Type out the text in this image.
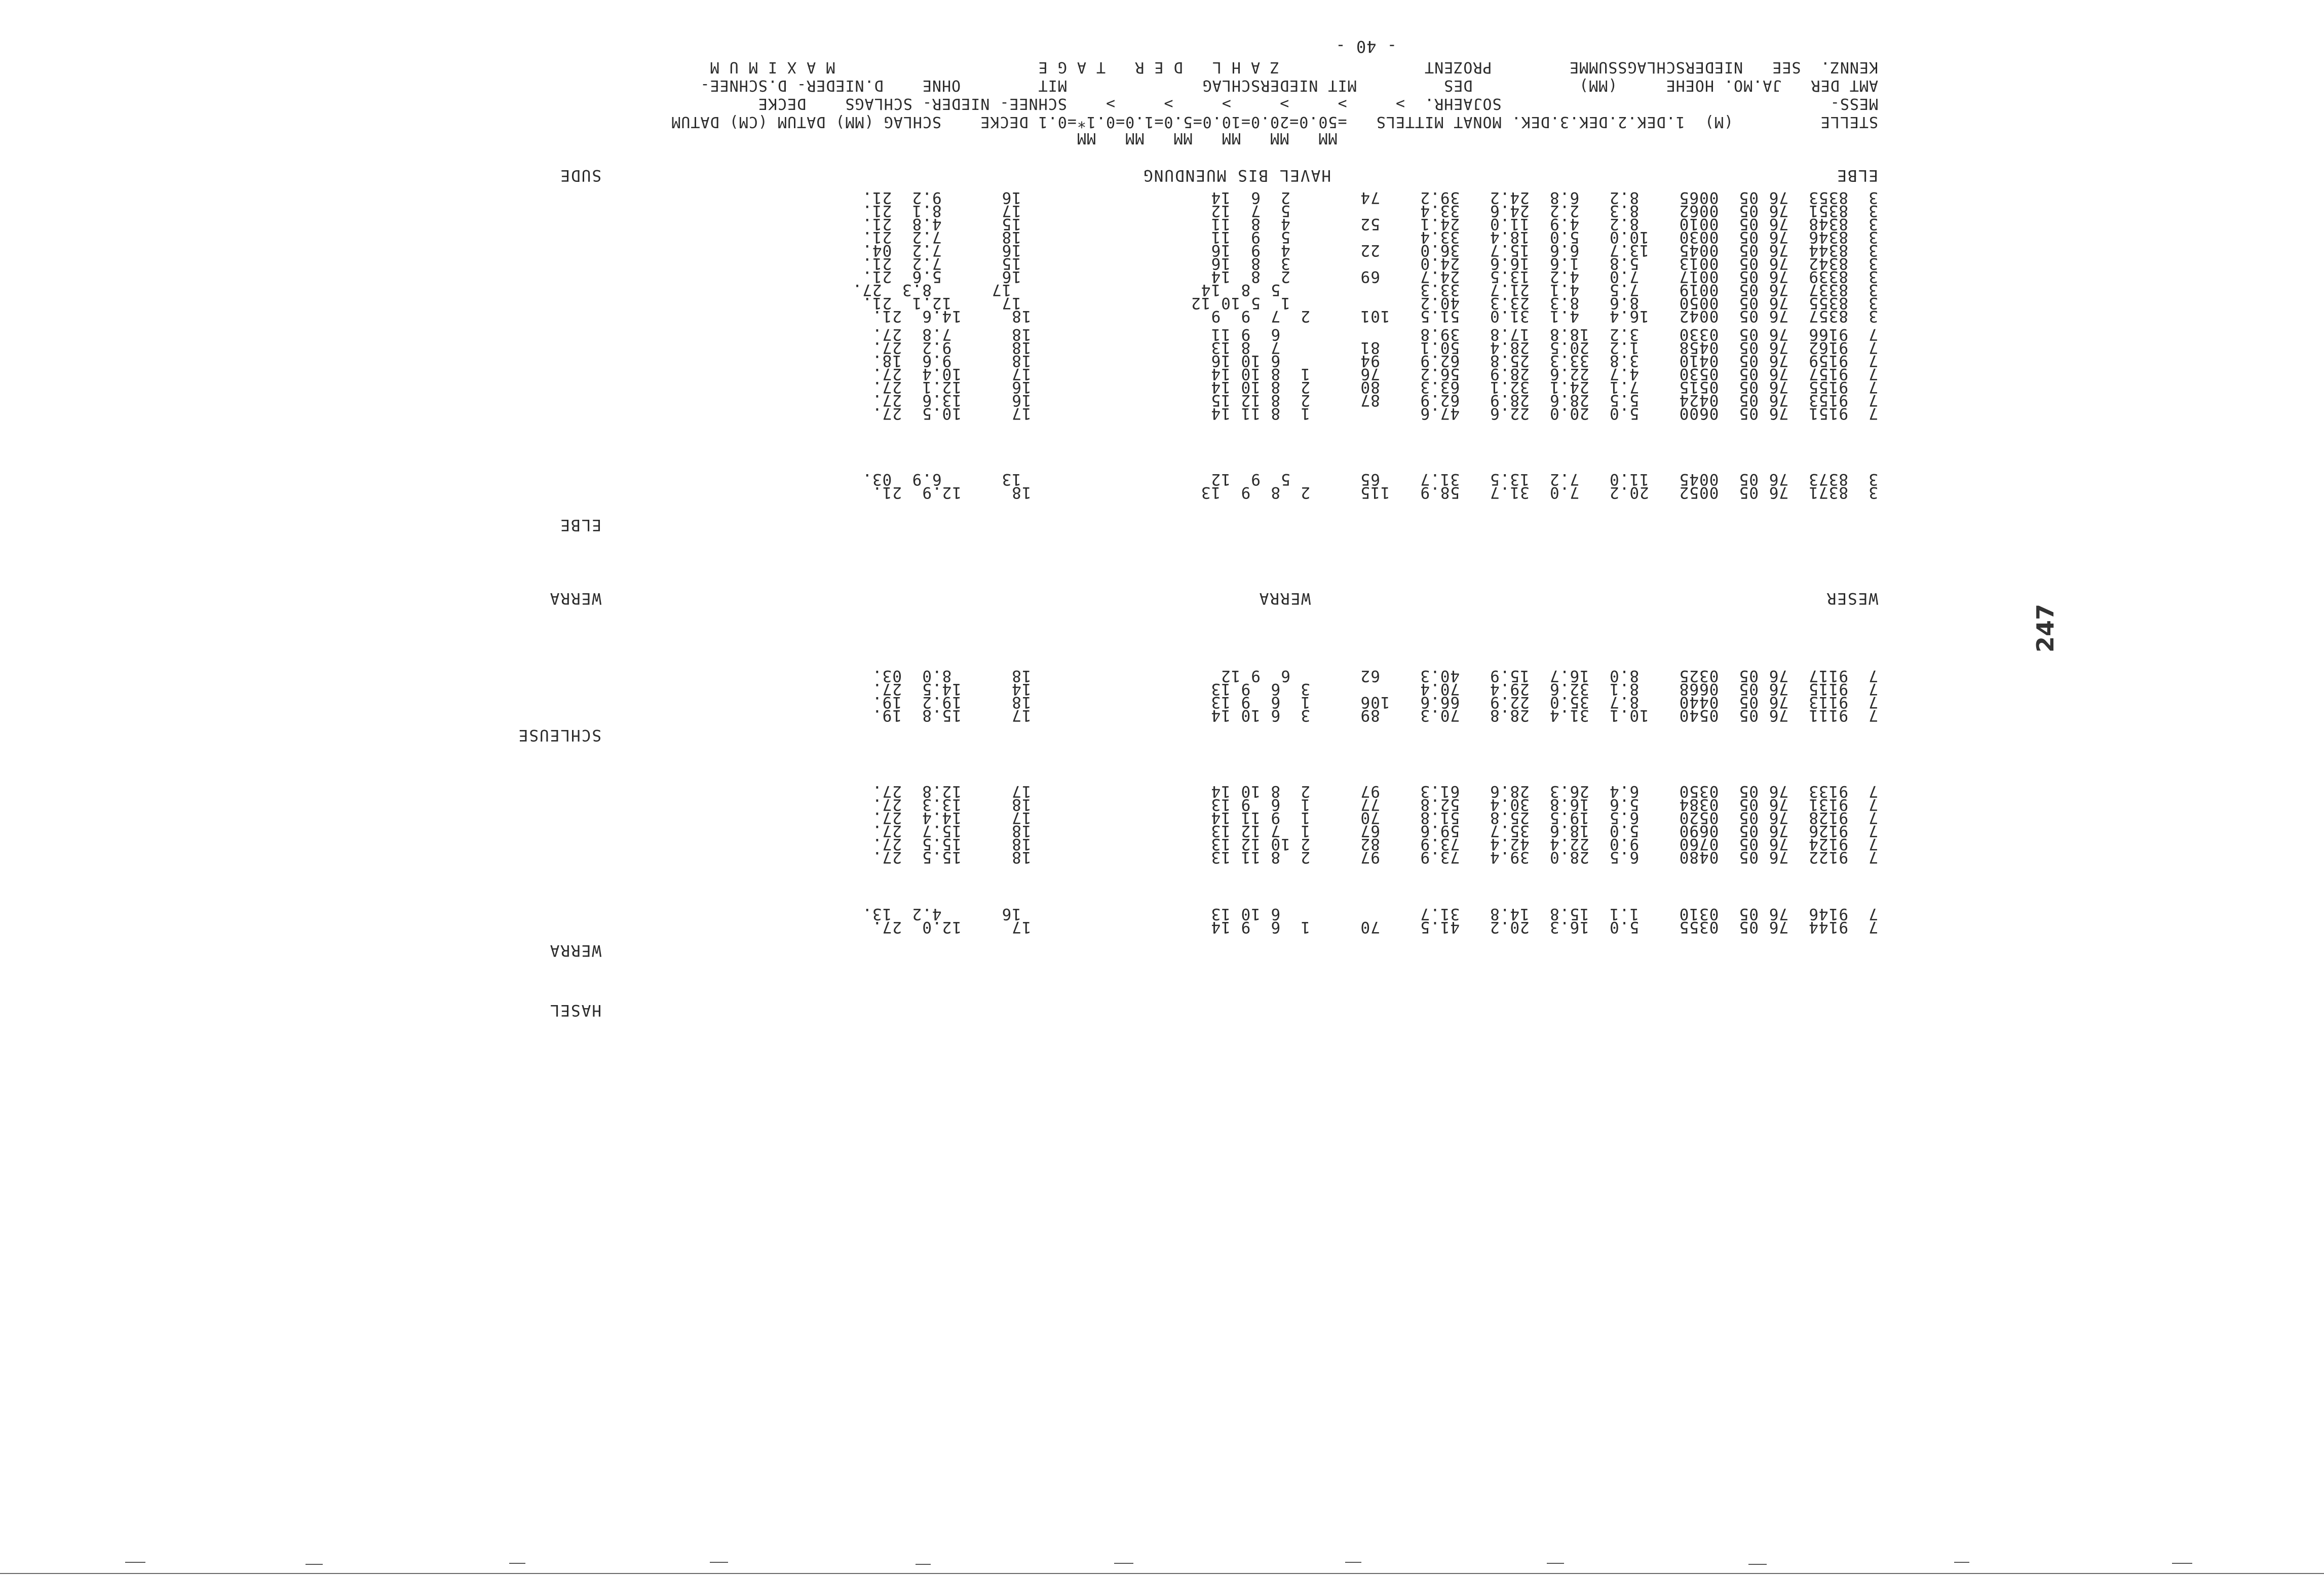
- 40 -
KENNZ.  SEE   NIEDERSCHLAGSSUMME        PROZENT               Z A H L   D E R   T A G E                     M A X I M U M
AMT DER   JA.MO. HOEHE     (MM)           DES         MIT NIEDERSCHLAG              MIT        OHNE    D.NIEDER- D.SCHNEE-
MESS-                                  SOJAEHR.  >     >     >     >     >     >    SCHNEE- NIEDER- SCHLAGS    DECKE
STELLE         (M)  1.DEK.2.DEK.3.DEK. MONAT MITTELS   =50.0=20.0=10.0=5.0=1.0=0.1*=0.1 DECKE    SCHLAG (MM) DATUM (CM) DATUM
MM   MM   MM   MM   MM   MM
ELBE
HAVEL BIS MUENDUNG
SUDE
3  8337  76 05  0019    7.5   4.1  21.7   33.3              5  8  14                   17      8.3  27.
3  8339  76 05  0017    7.0   4.2  13.5   24.7    69       2  8  14                   16      5.6  21.
3  8342  76 05  0013    5.8   1.6  16.6   24.0             3  8  16                   15      7.2  21.
3  8344  76 05  0045   13.7   6.6  15.7   36.0    22       4  9  16                   16      7.2  04.
3  8346  76 05  0030   10.0   5.0  18.4   33.4             5  9  11                   18      7.2  21.
3  8348  76 05  0010    8.2   4.9  11.0   24.1    52       4  8  11                   15      4.8  21.
3  8351  76 05  0062    8.3   2.2  24.6   33.4             5  7  12                   17      8.1  21.
3  8353  76 05  0065    8.2   6.8  24.2   39.2    74       2  6  14                   16      9.2  21.
3  8355  76 05  0050    8.6   8.3  23.3   40.2             1  5 10 12                 17     12.1  21.
3  8357  76 05  0042   16.4   4.1  31.0   51.5   101     2  7  9  9                  18     14.6  21.
ELBE
3  8371  76 05  0052   20.2   7.0  31.7   58.9   115     2  8  9  13                 18     12.9  21.
3  8373  76 05  0045   11.0   7.2  13.5   31.7    65       5  9  12                   13      6.9  03.
WESER
WERRA
WERRA
7  9111  76 05  0540   10.1  31.4  28.8   70.3    89     3  6 10 14                  17     15.8  19.
7  9113  76 05  0440    8.7  35.0  22.9   66.6   106     1  6  9 13                  18     19.2  19.
7  9115  76 05  0668    8.1  32.6  29.4   70.4           3  6  9 13                  14     14.5  27.
7  9117  76 05  0325    8.0  16.7  15.9   40.3    62       6  9 12                   18      8.0  03.
SCHLEUSE
7  9122  76 05  0480    6.5  28.0  39.4   73.9    97     2  8 11 13                  18     15.5  27.
7  9124  76 05  0760    9.0  22.4  42.4   73.9    82     2 10 12 13                  18     15.5  27.
7  9126  76 05  0690    5.0  18.6  35.7   59.6    67     1  7 12 13                  18     15.7  27.
7  9128  76 05  0520    6.5  19.5  25.8   51.8    70     1  9 11 14                  17     14.4  27.
7  9131  76 05  0384    5.6  16.8  30.4   52.8    77     1  6  9 13                  18     13.3  27.
7  9133  76 05  0350    6.4  26.3  28.6   61.3    97     2  8 10 14                  17     12.8  27.
WERRA
7  9144  76 05  0355    5.0  16.3  20.2   41.5    70     1  6  9 14                  17     12.0  27.
7  9146  76 05  0310    1.1  15.8  14.8   31.7              6 10 13                   16      4.2  13.
HASEL
7  9151  76 05  0600    5.0  20.0  22.6   47.6           1  8 11 14                  17     10.5  27.
7  9153  76 05  0424    5.5  28.6  28.9   62.9    87     2  8 12 15                  16     13.6  27.
7  9155  76 05  0515    7.1  24.1  32.1   63.3    80     2  8 10 14                  16     12.1  27.
7  9157  76 05  0530    4.7  22.6  28.9   56.2    76     1  8 10 14                  17     10.4  27.
7  9159  76 05  0410    3.8  33.3  25.8   62.9    94        6 10 16                  18      9.6  18.
7  9162  76 05  0458    1.2  20.5  28.4   50.1    81        7  8 13                  18      9.2  27.
7  9166  76 05  0330    3.2  18.8  17.8   39.8              6  9 11                  18      7.8  27.
247
